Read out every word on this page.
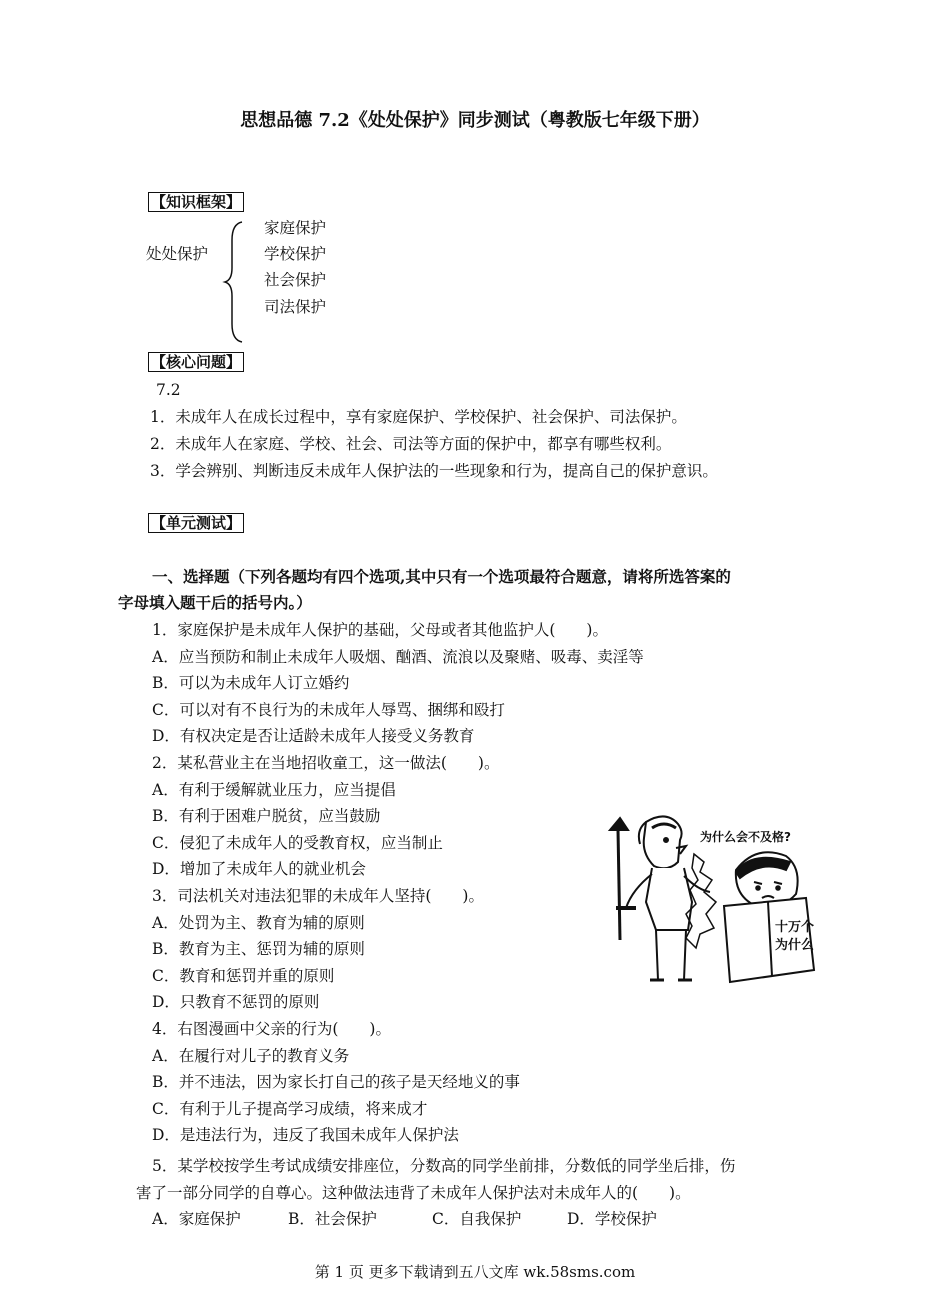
思想品德 7.2《处处保护》同步测试（粤教版七年级下册）
【知识框架】
处处保护
家庭保护
学校保护
社会保护
司法保护
【核心问题】
7.2
1．未成年人在成长过程中，享有家庭保护、学校保护、社会保护、司法保护。
2．未成年人在家庭、学校、社会、司法等方面的保护中，都享有哪些权利。
3．学会辨别、判断违反未成年人保护法的一些现象和行为，提高自己的保护意识。
【单元测试】
一、选择题（下列各题均有四个选项,其中只有一个选项最符合题意，请将所选答案的
字母填入题干后的括号内。）
1．家庭保护是未成年人保护的基础，父母或者其他监护人(　　)。
A．应当预防和制止未成年人吸烟、酗酒、流浪以及聚赌、吸毒、卖淫等
B．可以为未成年人订立婚约
C．可以对有不良行为的未成年人辱骂、捆绑和殴打
D．有权决定是否让适龄未成年人接受义务教育
2．某私营业主在当地招收童工，这一做法(　　)。
A．有利于缓解就业压力，应当提倡
B．有利于困难户脱贫，应当鼓励
C．侵犯了未成年人的受教育权，应当制止
D．增加了未成年人的就业机会
3．司法机关对违法犯罪的未成年人坚持(　　)。
A．处罚为主、教育为辅的原则
B．教育为主、惩罚为辅的原则
C．教育和惩罚并重的原则
D．只教育不惩罚的原则
4．右图漫画中父亲的行为(　　)。
A．在履行对儿子的教育义务
B．并不违法，因为家长打自己的孩子是天经地义的事
C．有利于儿子提高学习成绩，将来成才
D．是违法行为，违反了我国未成年人保护法
5．某学校按学生考试成绩安排座位，分数高的同学坐前排，分数低的同学坐后排，伤
害了一部分同学的自尊心。这种做法违背了未成年人保护法对未成年人的(　　)。
A．家庭保护	B．社会保护	C．自我保护	D．学校保护
为什么会不及格?
十万个
为什么
第 1 页 更多下载请到五八文库 wk.58sms.com
